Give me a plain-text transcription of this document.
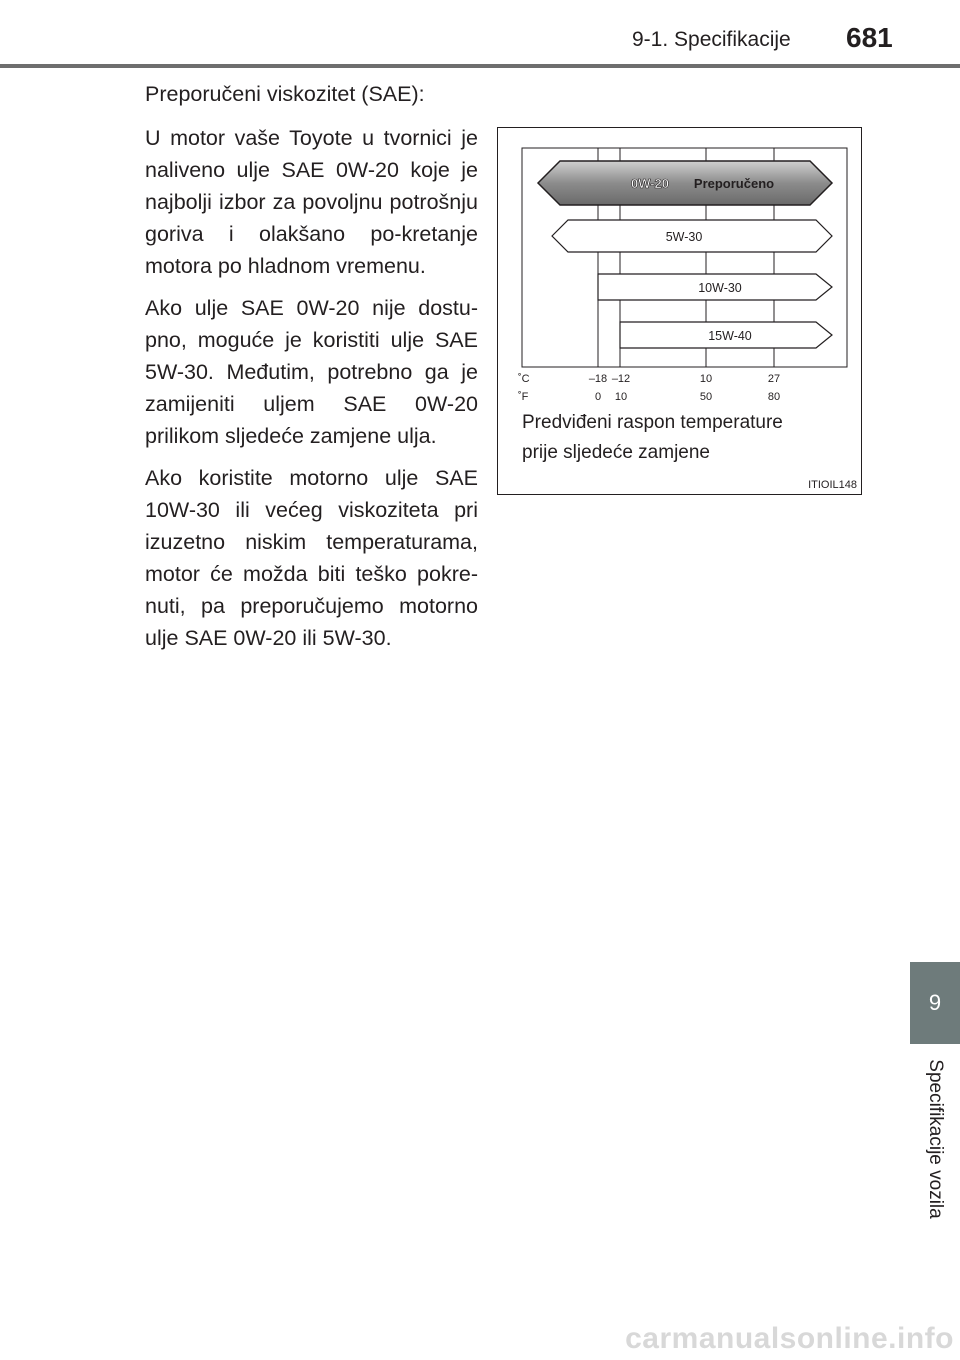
9-1. Specifikacije 681
9
Specifikacije vozila

Preporučeni viskozitet (SAE):

U motor vaše Toyote u tvornici je naliveno ulje SAE 0W-20 koje je najbolji izbor za povoljnu potrošnju goriva i olakšano po-kretanje motora po hladnom vremenu.

Ako ulje SAE 0W-20 nije dostu-pno, moguće je koristiti ulje SAE 5W-30. Međutim, potrebno ga je zamijeniti uljem SAE 0W-20 prilikom sljedeće zamjene ulja.

Ako koristite motorno ulje SAE 10W-30 ili većeg viskoziteta pri izuzetno niskim temperaturama, motor će možda biti teško pokre-nuti, pa preporučujemo motorno ulje SAE 0W-20 ili 5W-30.

0W-20 Preporučeno
5W-30
10W-30
15W-40
˚C
˚F
–18 –12	10	27
0 10	50	80
Predviđeni raspon temperature
prije sljedeće zamjene
ITIOIL148
carmanualsonline.info
